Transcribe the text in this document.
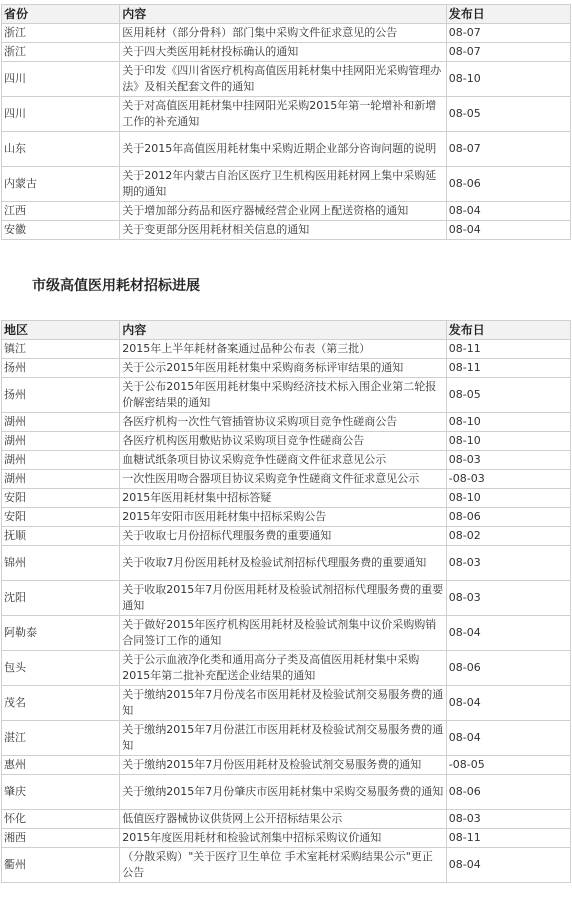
省份	内容	发布日
浙江	医用耗材（部分骨科）部门集中采购文件征求意见的公告	08-07
浙江	关于四大类医用耗材投标确认的通知	08-07
四川	关于印发《四川省医疗机构高值医用耗材集中挂网阳光采购管理办法》及相关配套文件的通知	08-10
四川	关于对高值医用耗材集中挂网阳光采购2015年第一轮增补和新增工作的补充通知	08-05
山东	关于2015年高值医用耗材集中采购近期企业部分咨询问题的说明	08-07
内蒙古	关于2012年内蒙古自治区医疗卫生机构医用耗材网上集中采购延期的通知	08-06
江西	关于增加部分药品和医疗器械经营企业网上配送资格的通知	08-04
安徽	关于变更部分医用耗材相关信息的通知	08-04
市级高值医用耗材招标进展
地区	内容	发布日
镇江	2015年上半年耗材备案通过品种公布表（第三批）	08-11
扬州	关于公示2015年医用耗材集中采购商务标评审结果的通知	08-11
扬州	关于公布2015年医用耗材集中采购经济技术标入围企业第二轮报价解密结果的通知	08-05
湖州	各医疗机构一次性气管插管协议采购项目竞争性磋商公告	08-10
湖州	各医疗机构医用敷贴协议采购项目竞争性磋商公告	08-10
湖州	血糖试纸条项目协议采购竞争性磋商文件征求意见公示	08-03
湖州	一次性医用吻合器项目协议采购竞争性磋商文件征求意见公示	-08-03
安阳	2015年医用耗材集中招标答疑	08-10
安阳	2015年安阳市医用耗材集中招标采购公告	08-06
抚顺	关于收取七月份招标代理服务费的重要通知	08-02
锦州	关于收取7月份医用耗材及检验试剂招标代理服务费的重要通知	08-03
沈阳	关于收取2015年7月份医用耗材及检验试剂招标代理服务费的重要通知	08-03
阿勒泰	关于做好2015年医疗机构医用耗材及检验试剂集中议价采购购销合同签订工作的通知	08-04
包头	关于公示血液净化类和通用高分子类及高值医用耗材集中采购2015年第二批补充配送企业结果的通知	08-06
茂名	关于缴纳2015年7月份茂名市医用耗材及检验试剂交易服务费的通知	08-04
湛江	关于缴纳2015年7月份湛江市医用耗材及检验试剂交易服务费的通知	08-04
惠州	关于缴纳2015年7月份医用耗材及检验试剂交易服务费的通知	-08-05
肇庆	关于缴纳2015年7月份肇庆市医用耗材集中采购交易服务费的通知	08-06
怀化	低值医疗器械协议供货网上公开招标结果公示	08-03
湘西	2015年度医用耗材和检验试剂集中招标采购议价通知	08-11
衢州	（分散采购）"关于医疗卫生单位 手术室耗材采购结果公示"更正公告	08-04
